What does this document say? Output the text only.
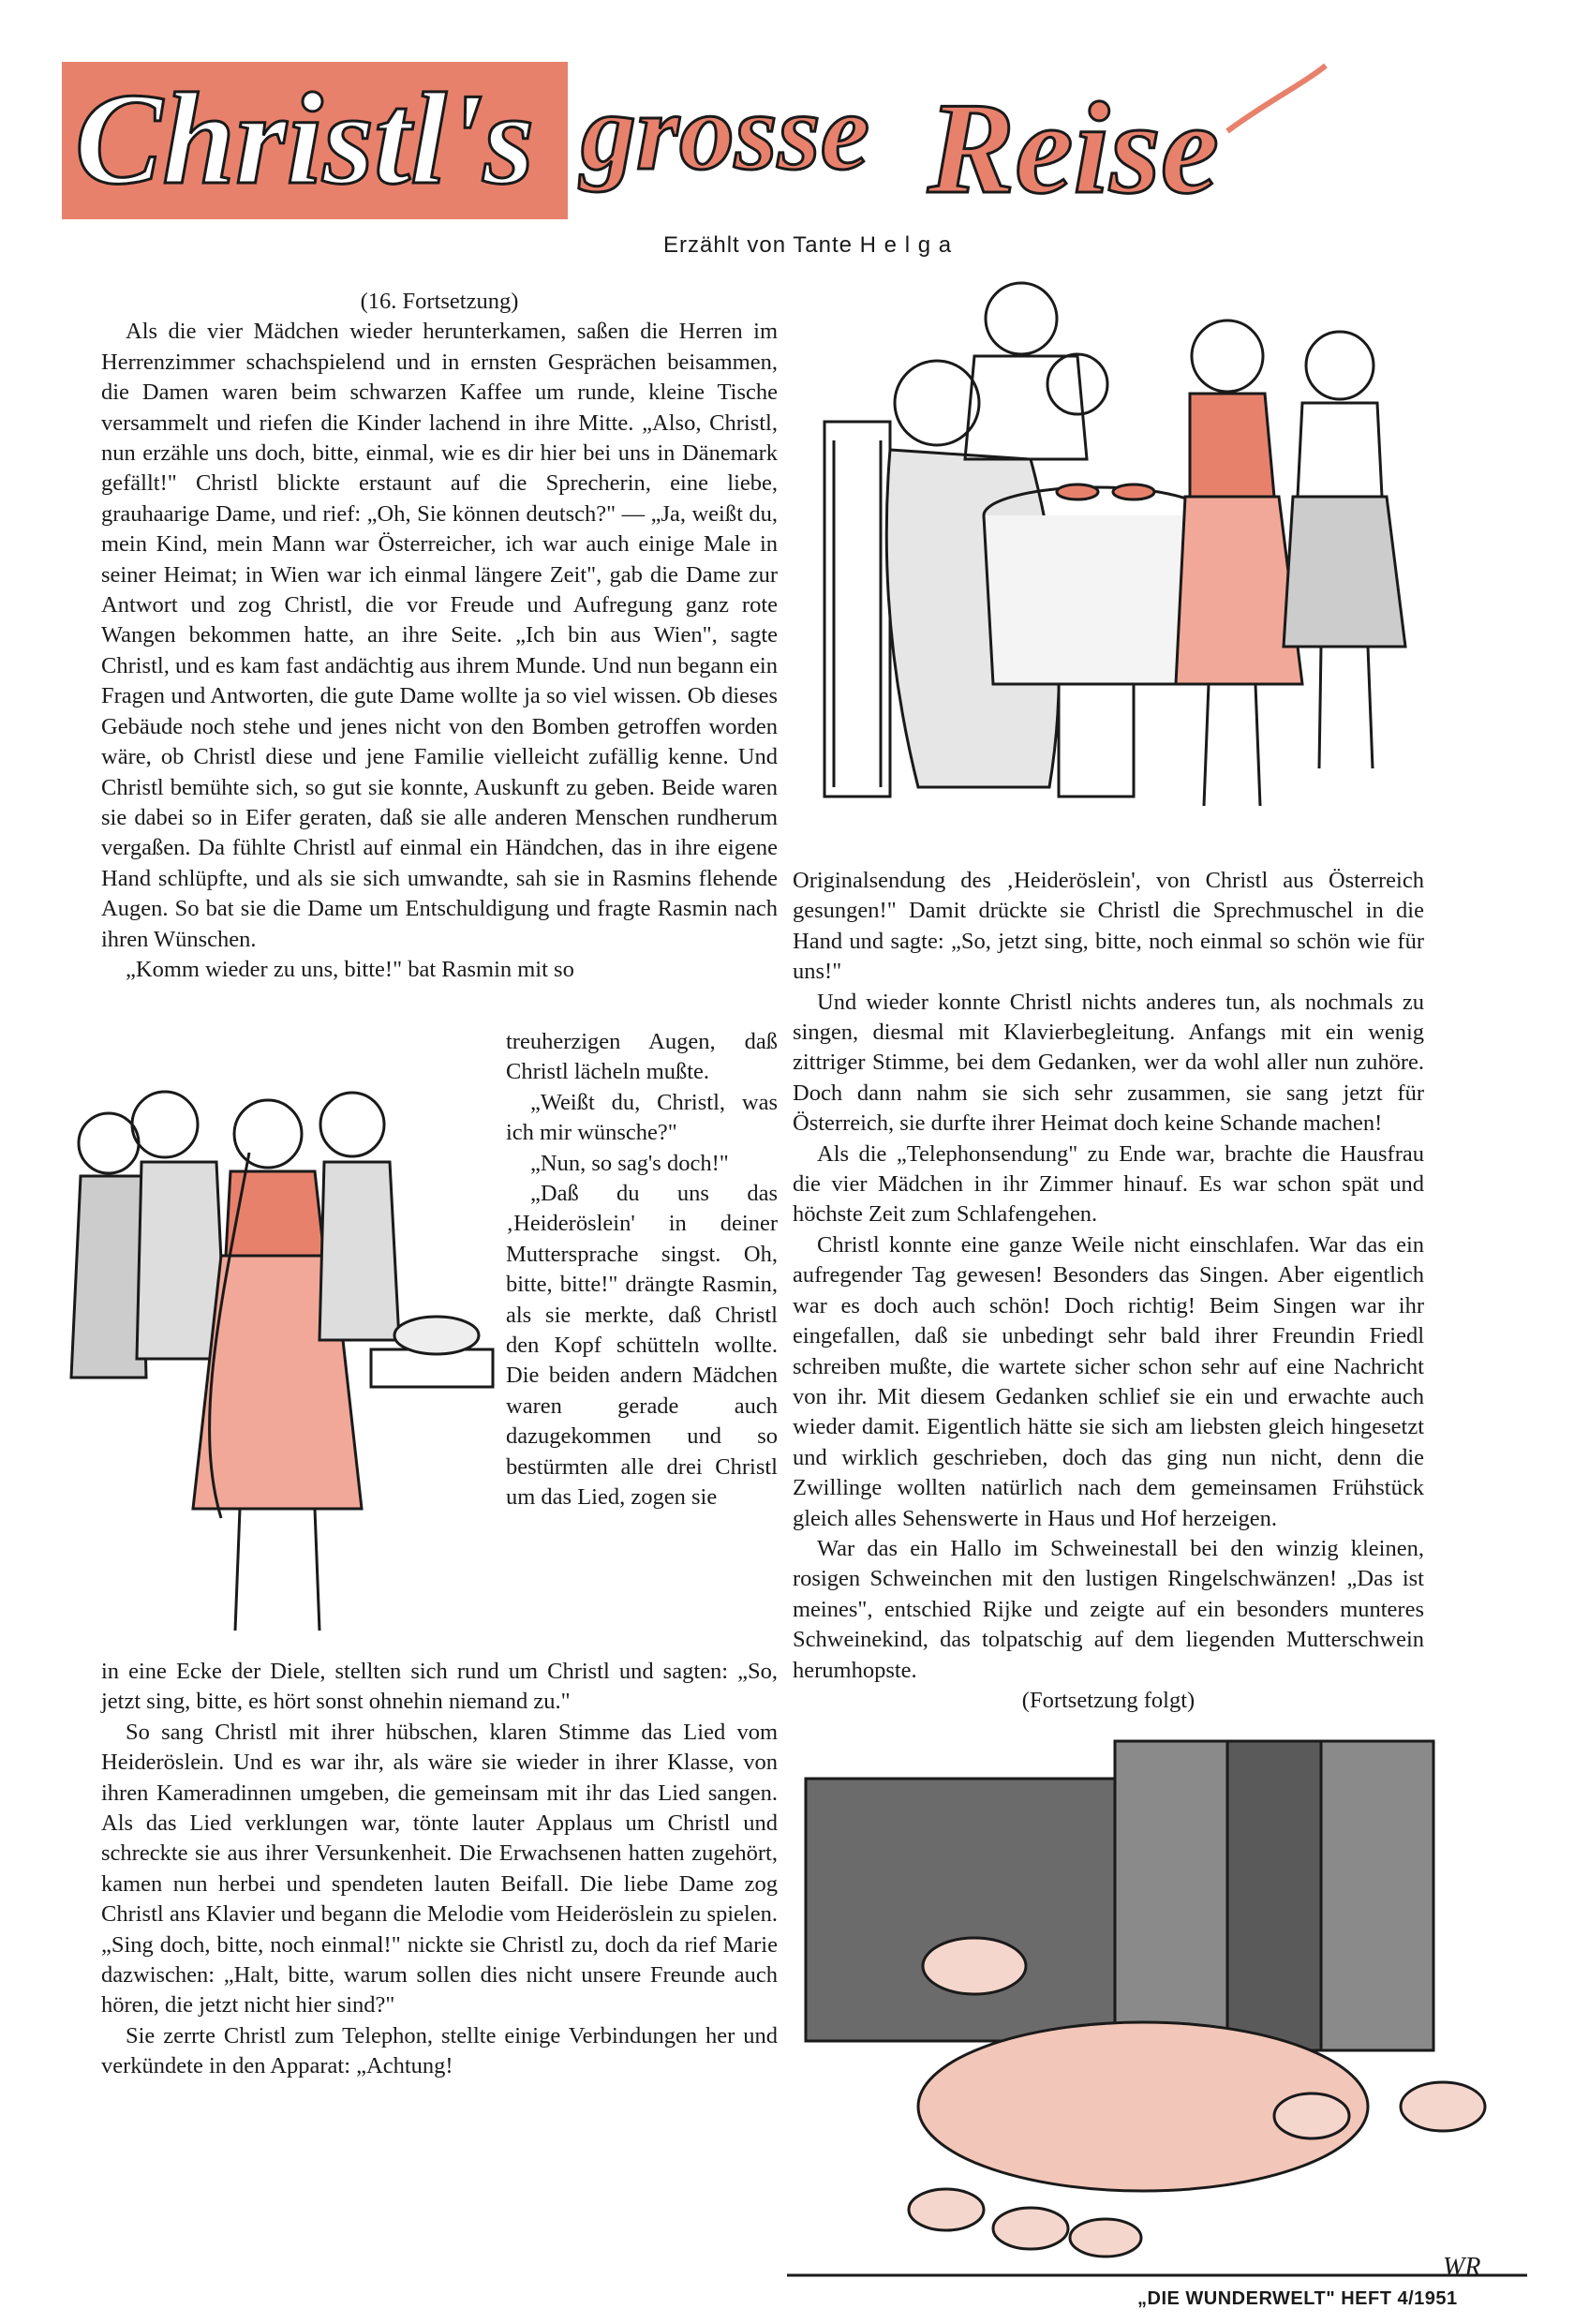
Christl's grosse Reise
Erzählt von Tante H e l g a

(16. Fortsetzung)

Als die vier Mädchen wieder herunterkamen, saßen die Herren im Herrenzimmer schachspielend und in ernsten Gesprächen beisammen, die Damen waren beim schwarzen Kaffee um runde, kleine Tische versammelt und riefen die Kinder lachend in ihre Mitte. „Also, Christl, nun erzähle uns doch, bitte, einmal, wie es dir hier bei uns in Dänemark gefällt!" Christl blickte erstaunt auf die Sprecherin, eine liebe, grauhaarige Dame, und rief: „Oh, Sie können deutsch?" — „Ja, weißt du, mein Kind, mein Mann war Österreicher, ich war auch einige Male in seiner Heimat; in Wien war ich einmal längere Zeit", gab die Dame zur Antwort und zog Christl, die vor Freude und Aufregung ganz rote Wangen bekommen hatte, an ihre Seite. „Ich bin aus Wien", sagte Christl, und es kam fast andächtig aus ihrem Munde. Und nun begann ein Fragen und Antworten, die gute Dame wollte ja so viel wissen. Ob dieses Gebäude noch stehe und jenes nicht von den Bomben getroffen worden wäre, ob Christl diese und jene Familie vielleicht zufällig kenne. Und Christl bemühte sich, so gut sie konnte, Auskunft zu geben. Beide waren sie dabei so in Eifer geraten, daß sie alle anderen Menschen rundherum vergaßen. Da fühlte Christl auf einmal ein Händchen, das in ihre eigene Hand schlüpfte, und als sie sich umwandte, sah sie in Rasmins flehende Augen. So bat sie die Dame um Entschuldigung und fragte Rasmin nach ihren Wünschen.

„Komm wieder zu uns, bitte!" bat Rasmin mit so

treuherzigen Augen, daß Christl lächeln mußte.

„Weißt du, Christl, was ich mir wünsche?"

„Nun, so sag's doch!"

„Daß du uns das ‚Heideröslein' in deiner Muttersprache singst. Oh, bitte, bitte!" drängte Rasmin, als sie merkte, daß Christl den Kopf schütteln wollte. Die beiden andern Mädchen waren gerade auch dazugekommen und so bestürmten alle drei Christl um das Lied, zogen sie

in eine Ecke der Diele, stellten sich rund um Christl und sagten: „So, jetzt sing, bitte, es hört sonst ohnehin niemand zu."

So sang Christl mit ihrer hübschen, klaren Stimme das Lied vom Heideröslein. Und es war ihr, als wäre sie wieder in ihrer Klasse, von ihren Kameradinnen umgeben, die gemeinsam mit ihr das Lied sangen. Als das Lied verklungen war, tönte lauter Applaus um Christl und schreckte sie aus ihrer Versunkenheit. Die Erwachsenen hatten zugehört, kamen nun herbei und spendeten lauten Beifall. Die liebe Dame zog Christl ans Klavier und begann die Melodie vom Heideröslein zu spielen. „Sing doch, bitte, noch einmal!" nickte sie Christl zu, doch da rief Marie dazwischen: „Halt, bitte, warum sollen dies nicht unsere Freunde auch hören, die jetzt nicht hier sind?"

Sie zerrte Christl zum Telephon, stellte einige Verbindungen her und verkündete in den Apparat: „Achtung!

Originalsendung des ‚Heideröslein', von Christl aus Österreich gesungen!" Damit drückte sie Christl die Sprechmuschel in die Hand und sagte: „So, jetzt sing, bitte, noch einmal so schön wie für uns!"

Und wieder konnte Christl nichts anderes tun, als nochmals zu singen, diesmal mit Klavierbegleitung. Anfangs mit ein wenig zittriger Stimme, bei dem Gedanken, wer da wohl aller nun zuhöre. Doch dann nahm sie sich sehr zusammen, sie sang jetzt für Österreich, sie durfte ihrer Heimat doch keine Schande machen!

Als die „Telephonsendung" zu Ende war, brachte die Hausfrau die vier Mädchen in ihr Zimmer hinauf. Es war schon spät und höchste Zeit zum Schlafengehen.

Christl konnte eine ganze Weile nicht einschlafen. War das ein aufregender Tag gewesen! Besonders das Singen. Aber eigentlich war es doch auch schön! Doch richtig! Beim Singen war ihr eingefallen, daß sie unbedingt sehr bald ihrer Freundin Friedl schreiben mußte, die wartete sicher schon sehr auf eine Nachricht von ihr. Mit diesem Gedanken schlief sie ein und erwachte auch wieder damit. Eigentlich hätte sie sich am liebsten gleich hingesetzt und wirklich geschrieben, doch das ging nun nicht, denn die Zwillinge wollten natürlich nach dem gemeinsamen Frühstück gleich alles Sehenswerte in Haus und Hof herzeigen.

War das ein Hallo im Schweinestall bei den winzig kleinen, rosigen Schweinchen mit den lustigen Ringelschwänzen! „Das ist meines", entschied Rijke und zeigte auf ein besonders munteres Schweinekind, das tolpatschig auf dem liegenden Mutterschwein herumhopste.

(Fortsetzung folgt)

WR
„DIE WUNDERWELT" HEFT 4/1951
